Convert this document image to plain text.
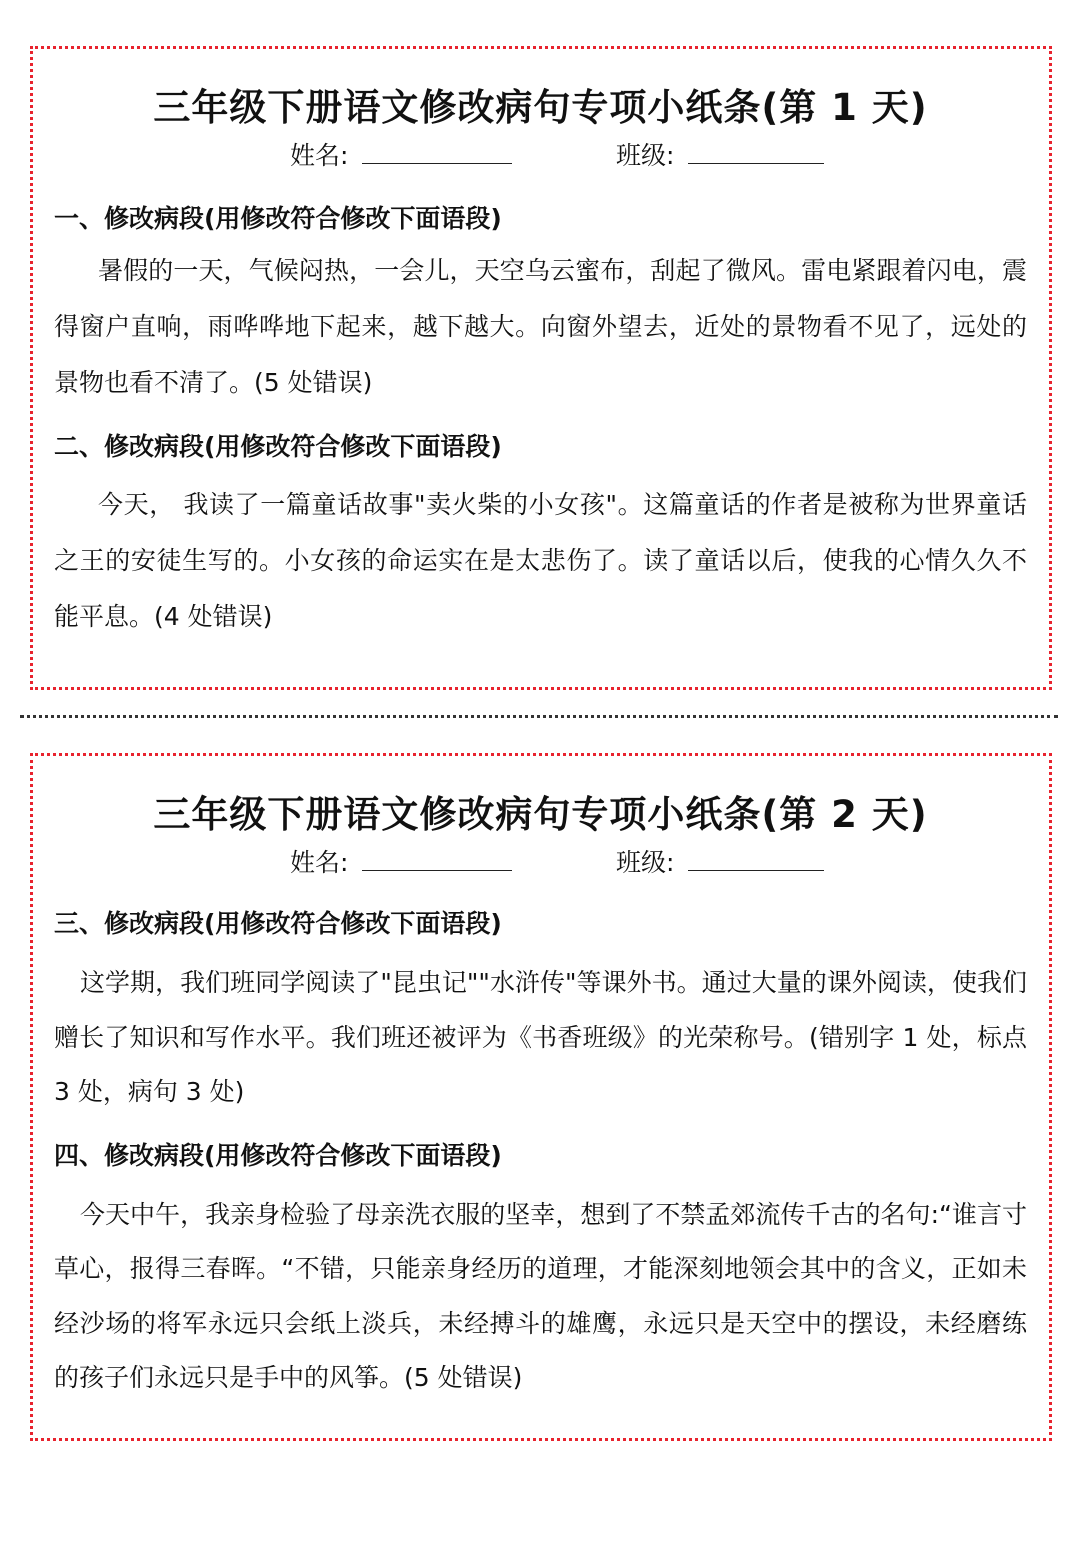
三年级下册语文修改病句专项小纸条(第 1 天)
姓名:	班级:
一、修改病段(用修改符合修改下面语段)

暑假的一天，气候闷热，一会儿，天空乌云蜜布，刮起了微风。雷电紧跟着闪电，震得窗户直响，雨哗哗地下起来，越下越大。向窗外望去，近处的景物看不见了，远处的景物也看不清了。(5 处错误)

二、修改病段(用修改符合修改下面语段)

今天， 我读了一篇童话故事"卖火柴的小女孩"。这篇童话的作者是被称为世界童话之王的安徒生写的。小女孩的命运实在是太悲伤了。读了童话以后，使我的心情久久不能平息。(4 处错误)

三年级下册语文修改病句专项小纸条(第 2 天)
姓名:	班级:
三、修改病段(用修改符合修改下面语段)

这学期，我们班同学阅读了"昆虫记""水浒传"等课外书。通过大量的课外阅读，使我们赠长了知识和写作水平。我们班还被评为《书香班级》的光荣称号。(错别字 1 处，标点 3 处，病句 3 处)

四、修改病段(用修改符合修改下面语段)

今天中午，我亲身检验了母亲洗衣服的坚幸，想到了不禁孟郊流传千古的名句:“谁言寸草心，报得三春晖。“不错，只能亲身经历的道理，才能深刻地领会其中的含义，正如未经沙场的将军永远只会纸上淡兵，未经搏斗的雄鹰，永远只是天空中的摆设，未经磨练的孩子们永远只是手中的风筝。(5 处错误)
